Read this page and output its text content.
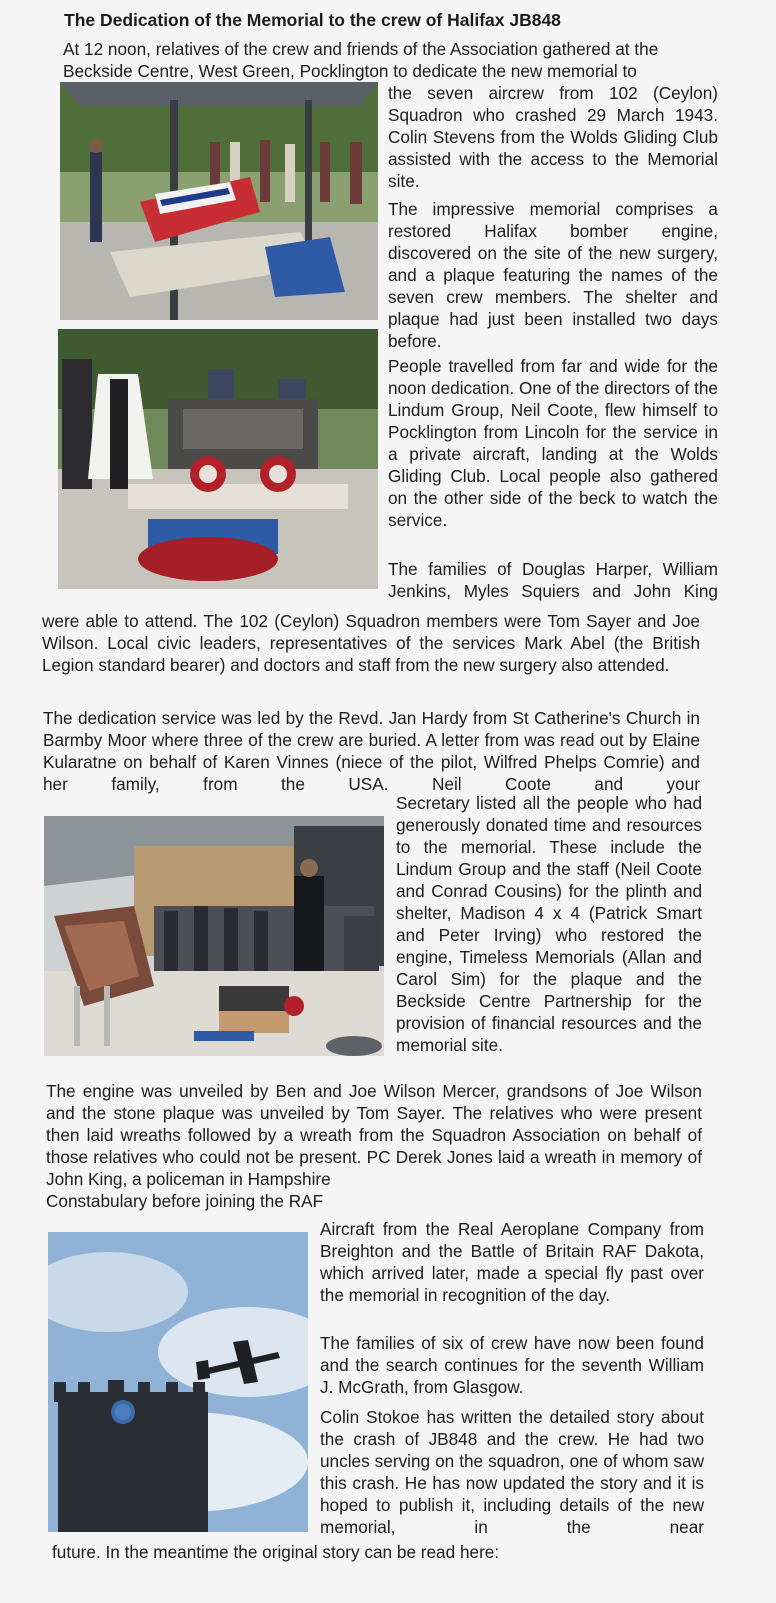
The Dedication of the Memorial to the crew of Halifax JB848

At 12 noon, relatives of the crew and friends of the Association gathered at the

Beckside Centre, West Green, Pocklington to dedicate the new memorial to

the seven aircrew from 102 (Ceylon) Squadron who crashed 29 March 1943. Colin Stevens from the Wolds Gliding Club assisted with the access to the Memorial site.

The impressive memorial comprises a restored Halifax bomber engine, discovered on the site of the new surgery, and a plaque featuring the names of the seven crew members. The shelter and plaque had just been installed two days before.

People travelled from far and wide for the noon dedication. One of the directors of the Lindum Group, Neil Coote, flew himself to Pocklington from Lincoln for the service in a private aircraft, landing at the Wolds Gliding Club. Local people also gathered on the other side of the beck to watch the service.

The families of Douglas Harper, William Jenkins, Myles Squiers and John King

were able to attend. The 102 (Ceylon) Squadron members were Tom Sayer and Joe Wilson. Local civic leaders, representatives of the services Mark Abel (the British Legion standard bearer) and doctors and staff from the new surgery also attended.

The dedication service was led by the Revd. Jan Hardy from St Catherine's Church in Barmby Moor where three of the crew are buried. A letter from was read out by Elaine Kularatne on behalf of Karen Vinnes (niece of the pilot, Wilfred Phelps Comrie) and her family, from the USA. Neil Coote and your

Secretary listed all the people who had generously donated time and resources to the memorial. These include the Lindum Group and the staff (Neil Coote and Conrad Cousins) for the plinth and shelter, Madison 4 x 4 (Patrick Smart and Peter Irving) who restored the engine, Timeless Memorials (Allan and Carol Sim) for the plaque and the Beckside Centre Partnership for the provision of financial resources and the memorial site.

The engine was unveiled by Ben and Joe Wilson Mercer, grandsons of Joe Wilson and the stone plaque was unveiled by Tom Sayer. The relatives who were present then laid wreaths followed by a wreath from the Squadron Association on behalf of those relatives who could not be present. PC Derek Jones laid a wreath in memory of John King, a policeman in Hampshire

Constabulary before joining the RAF

Aircraft from the Real Aeroplane Company from Breighton and the Battle of Britain RAF Dakota, which arrived later, made a special fly past over the memorial in recognition of the day.

The families of six of crew have now been found and the search continues for the seventh William J. McGrath, from Glasgow.

Colin Stokoe has written the detailed story about the crash of JB848 and the crew. He had two uncles serving on the squadron, one of whom saw this crash. He has now updated the story and it is hoped to publish it, including details of the new memorial, in the near

future. In the meantime the original story can be read here:
